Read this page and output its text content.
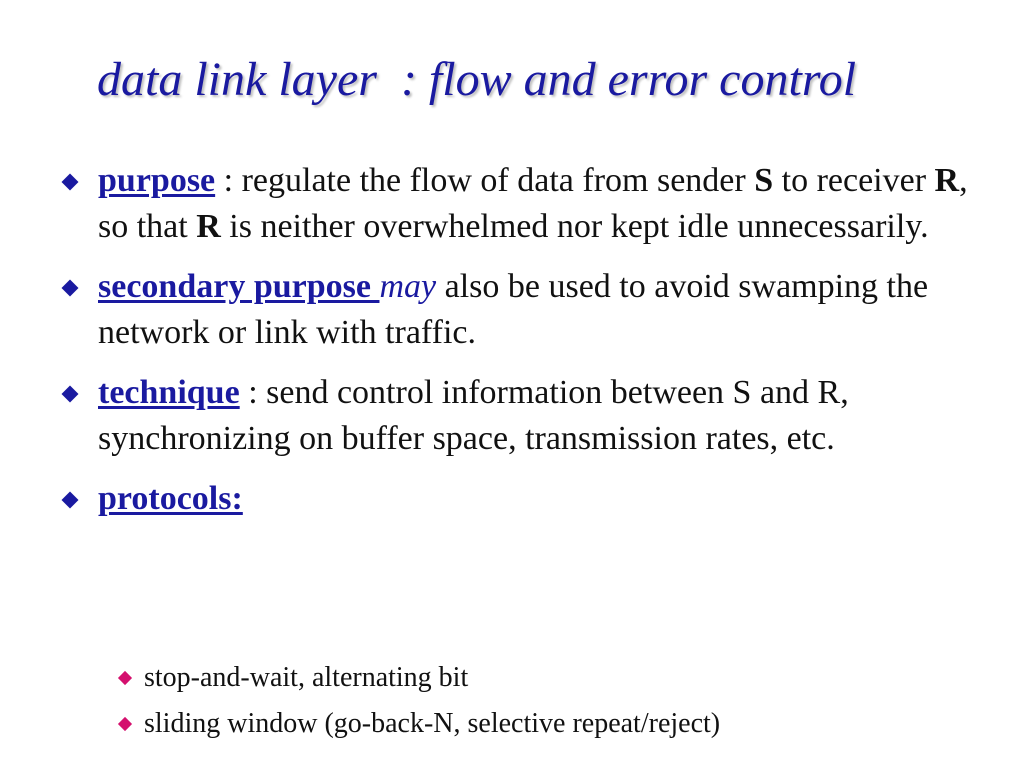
data link layer  : flow and error control
purpose : regulate the flow of data from sender S to receiver R, so that R is neither overwhelmed nor kept idle unnecessarily.
secondary purpose may also be used to avoid swamping the network or link with traffic.
technique : send control information between S and R, synchronizing on buffer space, transmission rates, etc.
protocols:
stop-and-wait, alternating bit
sliding window (go-back-N, selective repeat/reject)
